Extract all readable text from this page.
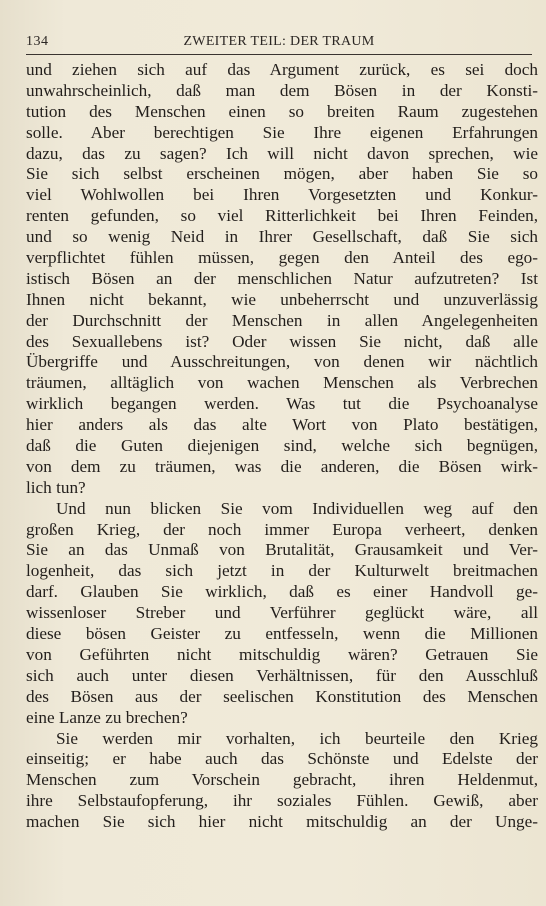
134	ZWEITER TEIL: DER TRAUM
und ziehen sich auf das Argument zurück, es sei doch
unwahrscheinlich, daß man dem Bösen in der Konsti-
tution des Menschen einen so breiten Raum zugestehen
solle. Aber berechtigen Sie Ihre eigenen Erfahrungen
dazu, das zu sagen? Ich will nicht davon sprechen, wie
Sie sich selbst erscheinen mögen, aber haben Sie so
viel Wohlwollen bei Ihren Vorgesetzten und Konkur-
renten gefunden, so viel Ritterlichkeit bei Ihren Feinden,
und so wenig Neid in Ihrer Gesellschaft, daß Sie sich
verpflichtet fühlen müssen, gegen den Anteil des ego-
istisch Bösen an der menschlichen Natur aufzutreten? Ist
Ihnen nicht bekannt, wie unbeherrscht und unzuverlässig
der Durchschnitt der Menschen in allen Angelegenheiten
des Sexuallebens ist? Oder wissen Sie nicht, daß alle
Übergriffe und Ausschreitungen, von denen wir nächtlich
träumen, alltäglich von wachen Menschen als Verbrechen
wirklich begangen werden. Was tut die Psychoanalyse
hier anders als das alte Wort von Plato bestätigen,
daß die Guten diejenigen sind, welche sich begnügen,
von dem zu träumen, was die anderen, die Bösen wirk-
lich tun?
Und nun blicken Sie vom Individuellen weg auf den
großen Krieg, der noch immer Europa verheert, denken
Sie an das Unmaß von Brutalität, Grausamkeit und Ver-
logenheit, das sich jetzt in der Kulturwelt breitmachen
darf. Glauben Sie wirklich, daß es einer Handvoll ge-
wissenloser Streber und Verführer geglückt wäre, all
diese bösen Geister zu entfesseln, wenn die Millionen
von Geführten nicht mitschuldig wären? Getrauen Sie
sich auch unter diesen Verhältnissen, für den Ausschluß
des Bösen aus der seelischen Konstitution des Menschen
eine Lanze zu brechen?
Sie werden mir vorhalten, ich beurteile den Krieg
einseitig; er habe auch das Schönste und Edelste der
Menschen zum Vorschein gebracht, ihren Heldenmut,
ihre Selbstaufopferung, ihr soziales Fühlen. Gewiß, aber
machen Sie sich hier nicht mitschuldig an der Unge-
